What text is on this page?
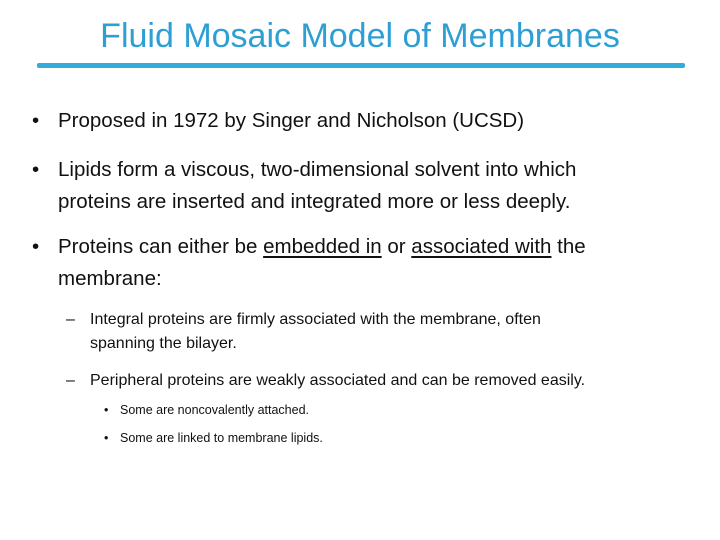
Fluid Mosaic Model of Membranes
• Proposed in 1972 by Singer and Nicholson (UCSD)
• Lipids form a viscous, two-dimensional solvent into which
proteins are inserted and integrated more or less deeply.
• Proteins can either be embedded in or associated with the
membrane:
– Integral proteins are firmly associated with the membrane, often
spanning the bilayer.
– Peripheral proteins are weakly associated and can be removed easily.
• Some are noncovalently attached.
• Some are linked to membrane lipids.
